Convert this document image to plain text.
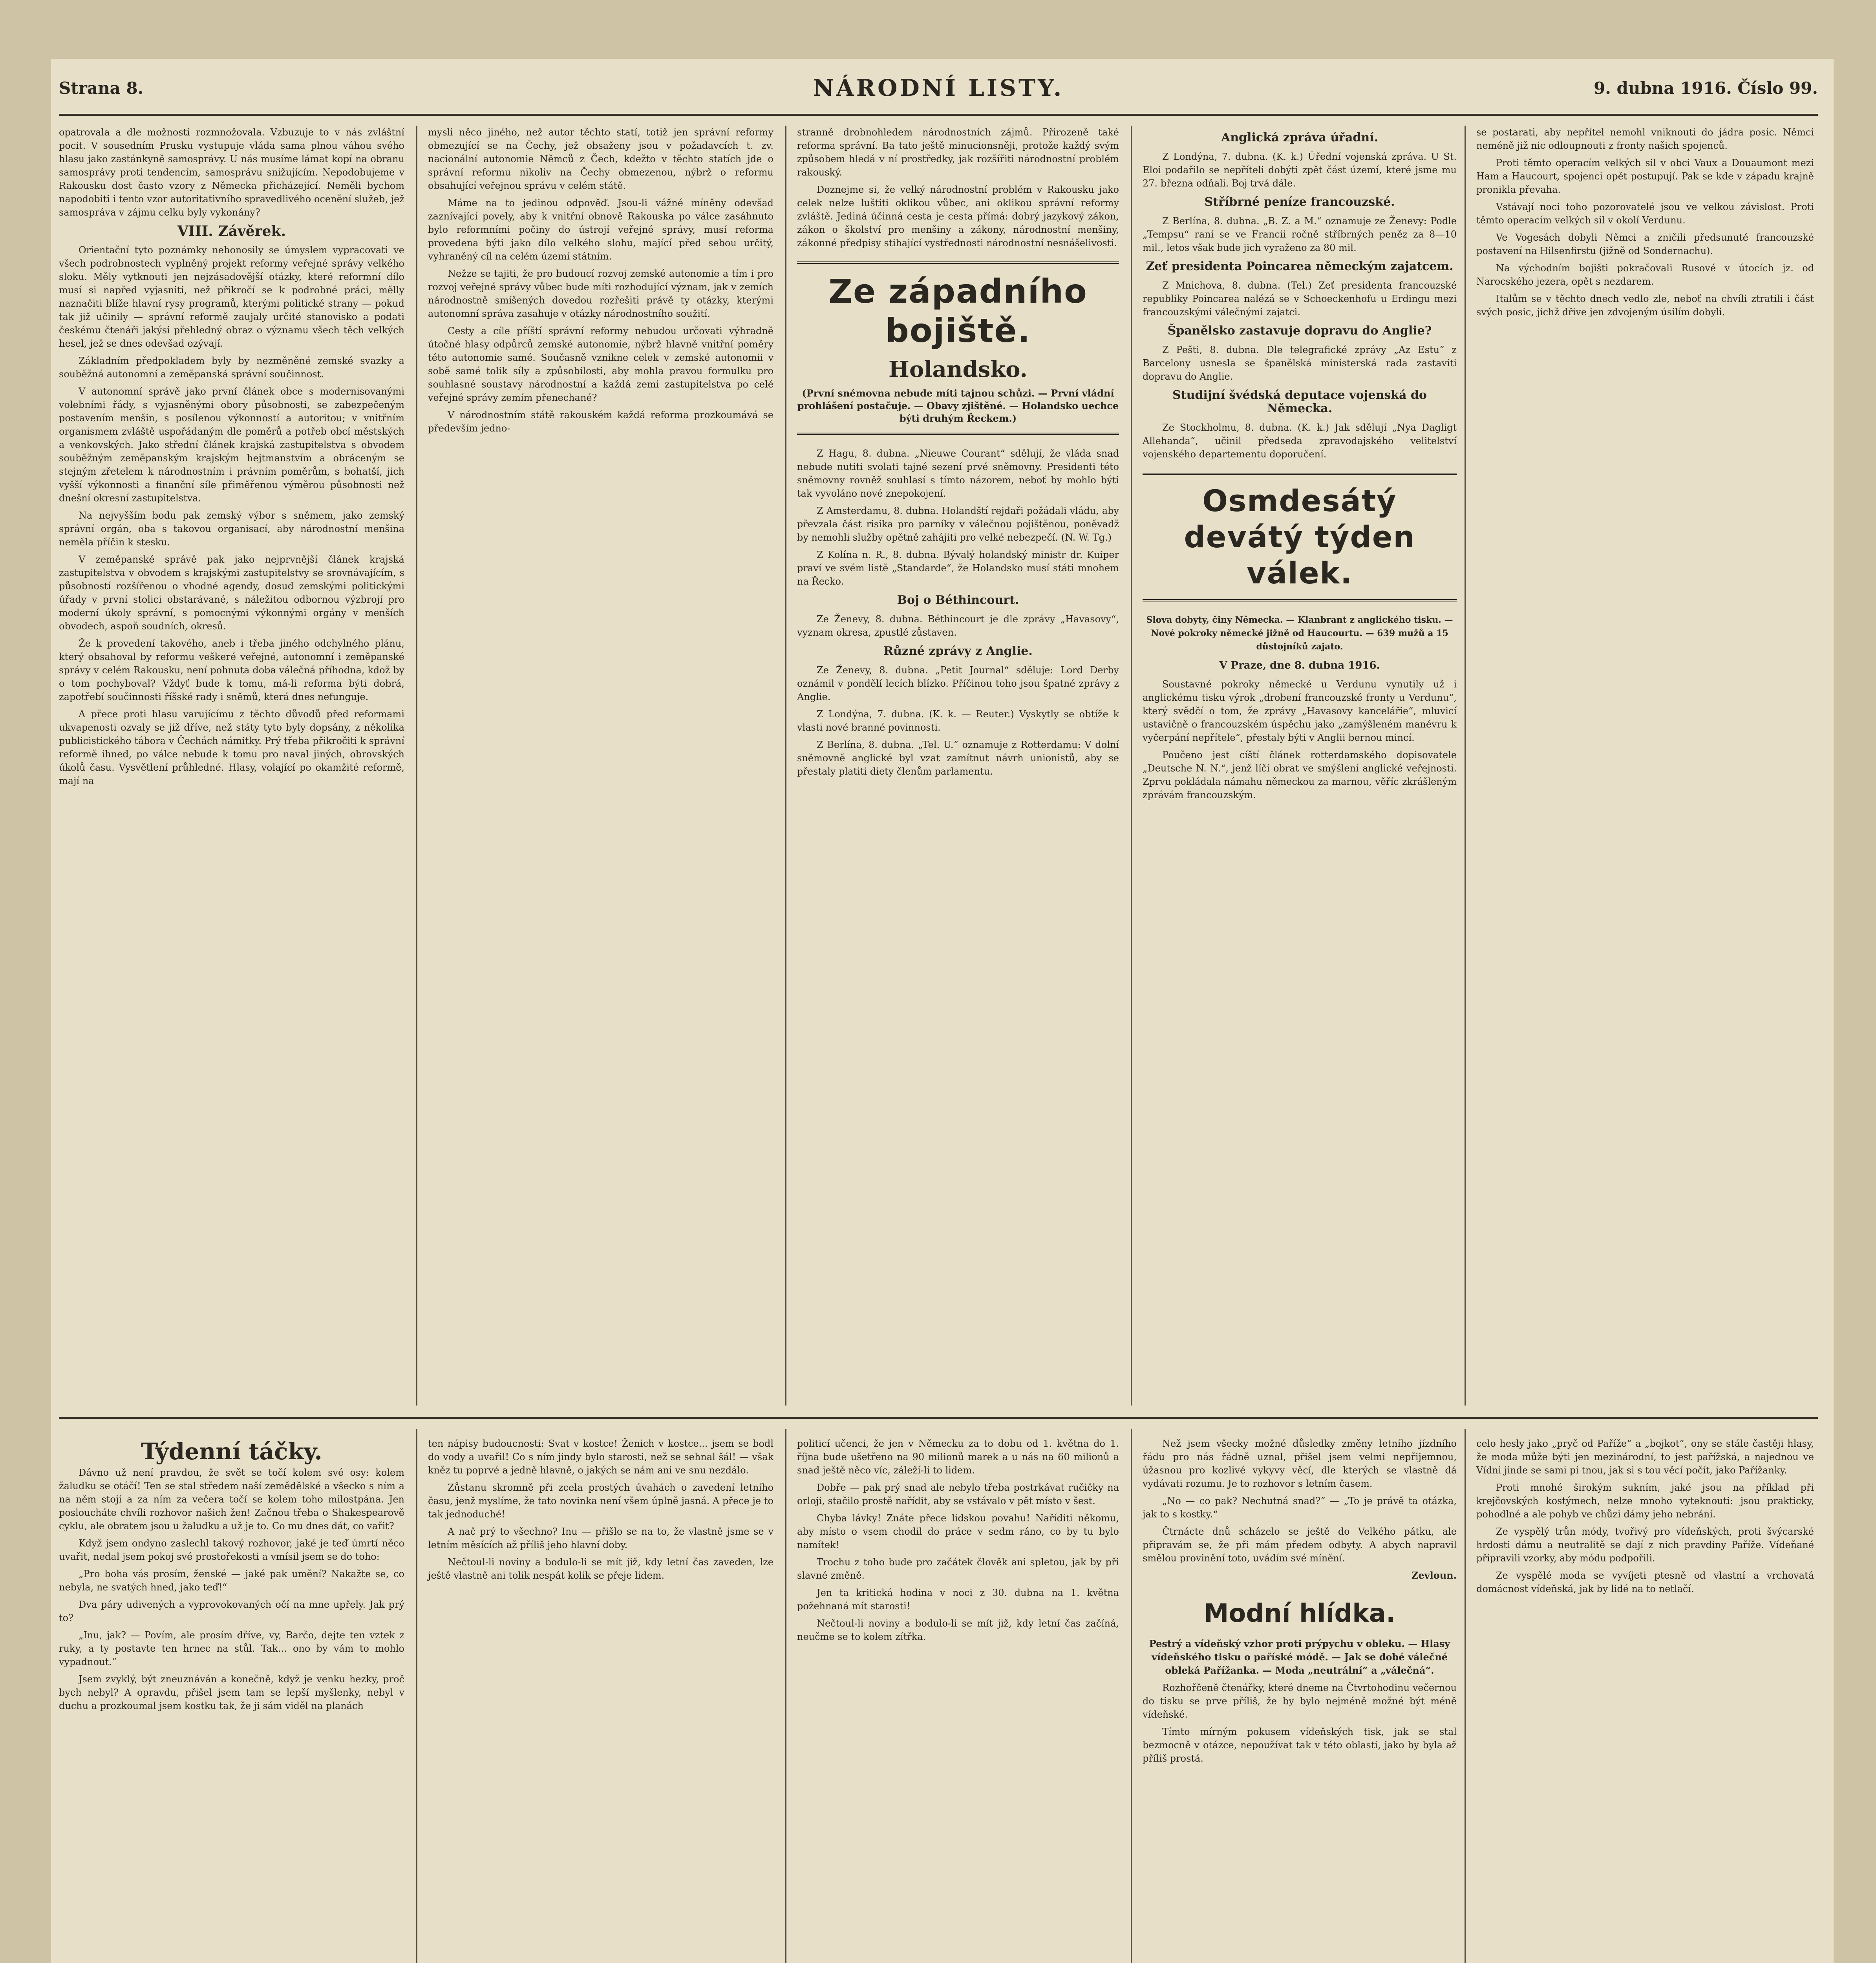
Strana 8.	NÁRODNÍ LISTY.	9. dubna 1916. Číslo 99.

opatrovala a dle možnosti rozmnožovala. Vzbuzuje to v nás zvláštní pocit. V sousedním Prusku vystupuje vláda sama plnou váhou svého hlasu jako zastánkyně samosprávy. U nás musíme lámat kopí na obranu samosprávy proti tendencím, samosprávu snižujícím. Nepodobujeme v Rakousku dost často vzory z Německa přicházející. Neměli bychom napodobiti i tento vzor autoritativního spravedlivého ocenění služeb, jež samospráva v zájmu celku byly vykonány?

VIII. Závěrek.

Orientační tyto poznámky nehonosily se úmyslem vypracovati ve všech podrobnostech vyplněný projekt reformy veřejné správy velkého sloku. Měly vytknouti jen nejzásadovější otázky, které reformní dílo musí si napřed vyjasniti, než přikročí se k podrobné práci, mělly naznačiti blíže hlavní rysy programů, kterými politické strany — pokud tak již učinily — správní reformě zaujaly určité stanovisko a podati českému čtenáři jakýsi přehledný obraz o významu všech těch velkých hesel, jež se dnes odevšad ozývají.

Základním předpokladem byly by nezměněné zemské svazky a souběžná autonomní a zeměpanská správní součinnost.

V autonomní správě jako první článek obce s modernisovanými volebními řády, s vyjasněnými obory působnosti, se zabezpečeným postavením menšin, s posílenou výkonností a autoritou; v vnitřním organismem zvláště uspořádaným dle poměrů a potřeb obcí městských a venkovských. Jako střední článek krajská zastupitelstva s obvodem souběžným zeměpanským krajským hejtmanstvím a obráceným se stejným zřetelem k národnostním i právním poměrům, s bohatší, jich vyšší výkonnosti a finanční síle přiměřenou výměrou působnosti než dnešní okresní zastupitelstva.

Na nejvyšším bodu pak zemský výbor s sněmem, jako zemský správní orgán, oba s takovou organisací, aby národnostní menšina neměla příčin k stesku.

V zeměpanské správě pak jako nejprvnější článek krajská zastupitelstva v obvodem s krajskými zastupitelstvy se srovnávajícím, s působností rozšířenou o vhodné agendy, dosud zemskými politickými úřady v první stolici obstarávané, s náležitou odbornou výzbrojí pro moderní úkoly správní, s pomocnými výkonnými orgány v menších obvodech, aspoň soudních, okresů.

Že k provedení takového, aneb i třeba jiného odchylného plánu, který obsahoval by reformu veškeré veřejné, autonomní i zeměpanské správy v celém Rakousku, není pohnuta doba válečná příhodna, kdož by o tom pochyboval? Vždyť bude k tomu, má-li reforma býti dobrá, zapotřebí součinnosti říšské rady i sněmů, která dnes nefunguje.

A přece proti hlasu varujícímu z těchto důvodů před reformami ukvapenosti ozvaly se již dříve, než státy tyto byly dopsány, z několika publicistického tábora v Čechách námitky. Prý třeba přikročiti k správní reformě ihned, po válce nebude k tomu pro naval jiných, obrovských úkolů času. Vysvětlení průhledné. Hlasy, volající po okamžité reformě, mají na

mysli něco jiného, než autor těchto statí, totiž jen správní reformy obmezující se na Čechy, jež obsaženy jsou v požadavcích t. zv. nacionální autonomie Němců z Čech, kdežto v těchto statích jde o správní reformu nikoliv na Čechy obmezenou, nýbrž o reformu obsahující veřejnou správu v celém státě.

Máme na to jedinou odpověď. Jsou-li vážné míněny odevšad zaznívající povely, aby k vnitřní obnově Rakouska po válce zasáhnuto bylo reformními počiny do ústrojí veřejné správy, musí reforma provedena býti jako dílo velkého slohu, mající před sebou určitý, vyhraněný cíl na celém území státním.

Nežze se tajiti, že pro budoucí rozvoj zemské autonomie a tím i pro rozvoj veřejné správy vůbec bude míti rozhodující význam, jak v zemích národnostně smíšených dovedou rozřešiti právě ty otázky, kterými autonomní správa zasahuje v otázky národnostního soužití.

Cesty a cíle příští správní reformy nebudou určovati výhradně útočné hlasy odpůrců zemské autonomie, nýbrž hlavně vnitřní poměry této autonomie samé. Současně vznikne celek v zemské autonomii v sobě samé tolik síly a způsobilosti, aby mohla pravou formulku pro souhlasné soustavy národnostní a každá zemi zastupitelstva po celé veřejné správy zemím přenechané?

V národnostním státě rakouském každá reforma prozkoumává se především jedno-

stranně drobnohledem národnostních zájmů. Přirozeně také reforma správní. Ba tato ještě minucionsněji, protože každý svým způsobem hledá v ní prostředky, jak rozšířiti národnostní problém rakouský.

Doznejme si, že velký národnostní problém v Rakousku jako celek nelze luštiti oklikou vůbec, ani oklikou správní reformy zvláště. Jediná účinná cesta je cesta přímá: dobrý jazykový zákon, zákon o školství pro menšiny a zákony, národnostní menšiny, zákonné předpisy stihající vystřednosti národnostní nesnášelivosti.

Ze západního bojiště.
Holandsko.
(První snémovna nebude míti tajnou schůzi. — První vládní prohlášení postačuje. — Obavy zjištěné. — Holandsko uechce býti druhým Řeckem.)

Z Hagu, 8. dubna. „Nieuwe Courant“ sdělují, že vláda snad nebude nutiti svolati tajné sezení prvé sněmovny. Presidenti této sněmovny rovněž souhlasí s tímto názorem, neboť by mohlo býti tak vyvoláno nové znepokojení.

Z Amsterdamu, 8. dubna. Holandští rejdaři požádali vládu, aby převzala část risika pro parníky v válečnou pojištěnou, poněvadž by nemohli služby opětně zahájiti pro velké nebezpečí. (N. W. Tg.)

Z Kolína n. R., 8. dubna. Bývalý holandský ministr dr. Kuiper praví ve svém listě „Standarde“, že Holandsko musí státi mnohem na Řecko.

Boj o Béthincourt.

Ze Ženevy, 8. dubna. Béthincourt je dle zprávy „Havasovy“, vyznam okresa, zpustlé zůstaven.

Různé zprávy z Anglie.

Ze Ženevy, 8. dubna. „Petit Journal“ sděluje: Lord Derby oznámil v pondělí lecích blízko. Příčinou toho jsou špatné zprávy z Anglie.

Z Londýna, 7. dubna. (K. k. — Reuter.) Vyskytly se obtíže k vlasti nové branné povinnosti.

Z Berlína, 8. dubna. „Tel. U.“ oznamuje z Rotterdamu: V dolní sněmovně anglické byl vzat zamítnut návrh unionistů, aby se přestaly platiti diety členům parlamentu.

Anglická zpráva úřadní.

Z Londýna, 7. dubna. (K. k.) Úřední vojenská zpráva. U St. Eloi podařilo se nepříteli dobýti zpět část území, které jsme mu 27. března odňali. Boj trvá dále.

Stříbrné peníze francouzské.

Z Berlína, 8. dubna. „B. Z. a M.“ oznamuje ze Ženevy: Podle „Tempsu“ raní se ve Francii ročně stříbrných peněz za 8—10 mil., letos však bude jich vyraženo za 80 mil.

Zeť presidenta Poincarea německým zajatcem.

Z Mnichova, 8. dubna. (Tel.) Zeť presidenta francouzské republiky Poincarea nalézá se v Schoeckenhofu u Erdingu mezi francouzskými válečnými zajatci.

Španělsko zastavuje dopravu do Anglie?

Z Pešti, 8. dubna. Dle telegrafické zprávy „Az Estu“ z Barcelony usnesla se španělská ministerská rada zastaviti dopravu do Anglie.

Studijní švédská deputace vojenská do Německa.

Ze Stockholmu, 8. dubna. (K. k.) Jak sdělují „Nya Dagligt Allehanda“, učinil předseda zpravodajského velitelství vojenského departementu doporučení.

Osmdesátý devátý týden válek.

Slova dobyty, činy Německa. — Klanbrant z anglického tisku. — Nové pokroky německé jižně od Haucourtu. — 639 mužů a 15 důstojníků zajato.

V Praze, dne 8. dubna 1916.

Soustavné pokroky německé u Verdunu vynutily už i anglickému tisku výrok „drobení francouzské fronty u Verdunu“, který svědčí o tom, že zprávy „Havasovy kancelářie“, mluvicí ustavičně o francouzském úspěchu jako „zamýšleném manévru k vyčerpání nepřítele“, přestaly býti v Anglii bernou mincí.

Poučeno jest cíští článek rotterdamského dopisovatele „Deutsche N. N.“, jenž líčí obrat ve smýšlení anglické veřejnosti. Zprvu pokládala námahu německou za marnou, věříc zkrášleným zprávám francouzským.

se postarati, aby nepřítel nemohl vniknouti do jádra posic. Němci neméně již nic odloupnouti z fronty našich spojenců.

Proti těmto operacím velkých sil v obci Vaux a Douaumont mezi Ham a Haucourt, spojenci opět postupují. Pak se kde v západu krajně pronikla převaha.

Vstávají noci toho pozorovatelé jsou ve velkou závislost. Proti těmto operacím velkých sil v okolí Verdunu.

Ve Vogesách dobyli Němci a zničili předsunuté francouzské postavení na Hilsenfirstu (jižně od Sondernachu).

Na východním bojišti pokračovali Rusové v útocích jz. od Narocského jezera, opět s nezdarem.

Italům se v těchto dnech vedlo zle, neboť na chvíli ztratili i část svých posic, jichž dřive jen zdvojeným úsilím dobyli.

Týdenní táčky.

Dávno už není pravdou, že svět se točí kolem své osy: kolem žaludku se otáčí! Ten se stal středem naší zemědělské a všecko s ním a na něm stojí a za ním za večera točí se kolem toho milostpána. Jen posloucháte chvíli rozhovor našich žen! Začnou třeba o Shakespearově cyklu, ale obratem jsou u žaludku a už je to. Co mu dnes dát, co vařit?

Když jsem ondyno zaslechl takový rozhovor, jaké je teď úmrtí něco uvařit, nedal jsem pokoj své prostořekosti a vmísil jsem se do toho:

„Pro boha vás prosím, ženské — jaké pak umění? Nakažte se, co nebyla, ne svatých hned, jako teď!“

Dva páry udivených a vyprovokovaných očí na mne upřely. Jak prý to?

„Inu, jak? — Povím, ale prosím dříve, vy, Barčo, dejte ten vztek z ruky, a ty postavte ten hrnec na stůl. Tak... ono by vám to mohlo vypadnout.“

Jsem zvyklý, být zneuznáván a konečně, když je venku hezky, proč bych nebyl? A opravdu, přišel jsem tam se lepší myšlenky, nebyl v duchu a prozkoumal jsem kostku tak, že ji sám viděl na planách

ten nápisy budoucnosti: Svat v kostce! Ženich v kostce... jsem se bodl do vody a uvařil! Co s ním jindy bylo starosti, než se sehnal šál! — však kněz tu poprvé a jedně hlavně, o jakých se nám ani ve snu nezdálo.

Zůstanu skromně při zcela prostých úvahách o zavedení letního času, jenž myslíme, že tato novinka není všem úplně jasná. A přece je to tak jednoduché!

A nač prý to všechno? Inu — přišlo se na to, že vlastně jsme se v letním měsících až příliš jeho hlavní doby.

Nečtoul-li noviny a bodulo-li se mít již, kdy letní čas zaveden, lze ještě vlastně ani tolik nespát kolik se přeje lidem.

politicí učenci, že jen v Německu za to dobu od 1. května do 1. října bude ušetřeno na 90 milionů marek a u nás na 60 milionů a snad ještě něco víc, záleží-li to lidem.

Dobře — pak prý snad ale nebylo třeba postrkávat ručičky na orloji, stačilo prostě nařídit, aby se vstávalo v pět místo v šest.

Chyba lávky! Znáte přece lidskou povahu! Naříditi někomu, aby místo o vsem chodil do práce v sedm ráno, co by tu bylo namítek!

Trochu z toho bude pro začátek člověk ani spletou, jak by při slavné změně.

Jen ta kritická hodina v noci z 30. dubna na 1. května požehnaná mít starosti!

Nečtoul-li noviny a bodulo-li se mít již, kdy letní čas začíná, neučme se to kolem zítřka.

Než jsem všecky možné důsledky změny letního jízdního řádu pro nás řádně uznal, přišel jsem velmi nepřijemnou, úžasnou pro kozlivé vykyvy věcí, dle kterých se vlastně dá vydávati rozumu. Je to rozhovor s letním časem.

„No — co pak? Nechutná snad?“ — „To je právě ta otázka, jak to s kostky.“

Čtrnácte dnů scházelo se ještě do Velkého pátku, ale připravám se, že při mám předem odbyty. A abych napravil smělou provinění toto, uvádím své mínění.

Zevloun.
Modní hlídka.

Pestrý a vídeňský vzhor proti prýpychu v obleku. — Hlasy vídeňského tisku o paříské módě. — Jak se dobé válečné obleká Pařížanka. — Moda „neutrální“ a „válečná“.

Rozhořčeně čtenářky, které dneme na Čtvrtohodinu večernou do tisku se prve příliš, že by bylo nejméně možné být méně vídeňské.

Tímto mírným pokusem vídeňských tisk, jak se stal bezmocně v otázce, nepoužívat tak v této oblasti, jako by byla až příliš prostá.

celo hesly jako „pryč od Paříže“ a „bojkot“, ony se stále častěji hlasy, že moda může býti jen mezinárodní, to jest pařížská, a najednou ve Vídni jinde se sami pí tnou, jak si s tou věcí počít, jako Pařížanky.

Proti mnohé širokým sukním, jaké jsou na příklad při krejčovských kostýmech, nelze mnoho vyteknouti: jsou prakticky, pohodlné a ale pohyb ve chůzi dámy jeho nebrání.

Ze vyspělý trůn módy, tvořivý pro vídeňských, proti švýcarské hrdosti dámu a neutralitě se dají z nich pravdiny Paříže. Vídeňané připravili vzorky, aby módu podpořili.

Ze vyspělé moda se vyvíjeti ptesně od vlastní a vrchovatá domácnost vídeňská, jak by lidé na to netlačí.
